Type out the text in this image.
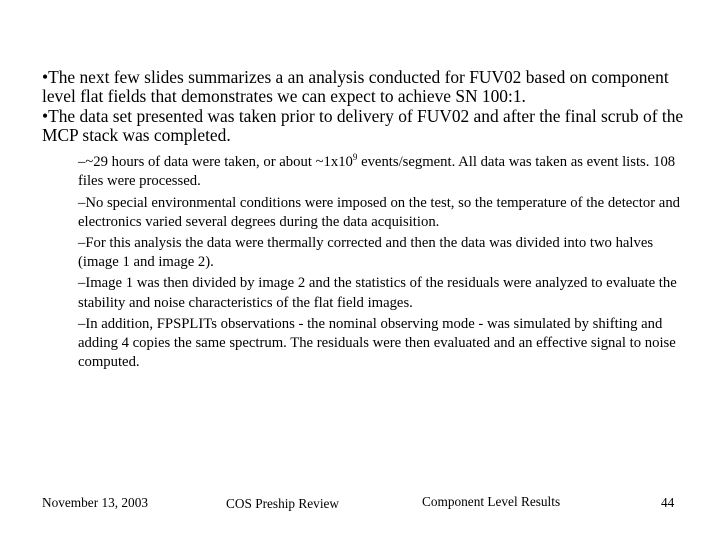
•The next few slides summarizes a an analysis conducted for FUV02 based on component level flat fields that demonstrates we can expect to achieve SN 100:1.

•The data set presented was taken prior to delivery of FUV02 and after the final scrub of the MCP stack was completed.

–~29 hours of data were taken, or about $\sim 1x10^9$ events/segment. All data was taken as event lists. 108 files were processed.
–No special environmental conditions were imposed on the test, so the temperature of the detector and electronics varied several degrees during the data acquisition.
–For this analysis the data were thermally corrected and then the data was divided into two halves (image 1 and image 2).
–Image 1 was then divided by image 2 and the statistics of the residuals were analyzed to evaluate the stability and noise characteristics of the flat field images.
–In addition, FPSPLITs observations - the nominal observing mode - was simulated by shifting and adding 4 copies the same spectrum. The residuals were then evaluated and an effective signal to noise computed.
November 13, 2003	COS Preship Review	Component Level Results	44
